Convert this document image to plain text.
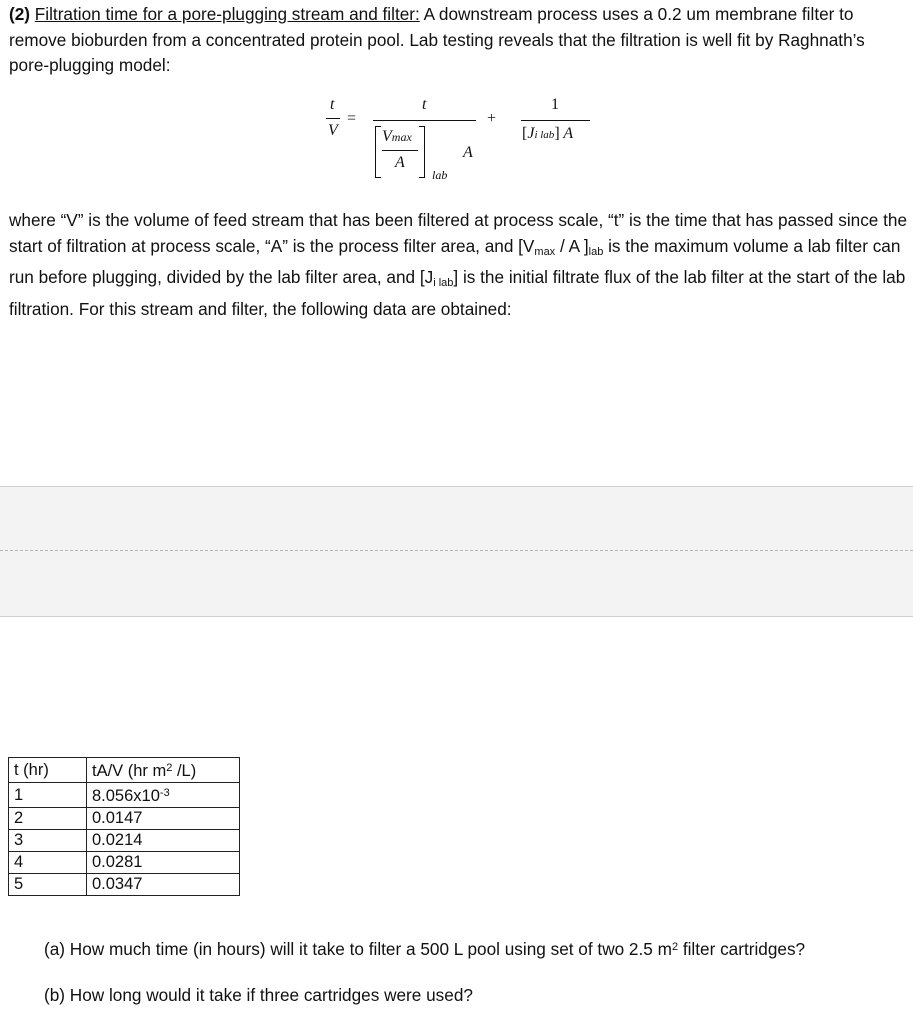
(2) Filtration time for a pore-plugging stream and filter: A downstream process uses a 0.2 um membrane filter to remove bioburden from a concentrated protein pool. Lab testing reveals that the filtration is well fit by Raghnath’s pore-plugging model:
t
V
=
t
Vmax
A
lab
A
+
1
[Ji lab] A
where “V” is the volume of feed stream that has been filtered at process scale, “t” is the time that has passed since the start of filtration at process scale, “A” is the process filter area, and [$V_{max}$ / A ]$_{lab}$ is the maximum volume a lab filter can run before plugging, divided by the lab filter area, and $[J_{i lab}]$ is the initial filtrate flux of the lab filter at the start of the lab filtration. For this stream and filter, the following data are obtained:
t (hr)	tA/V (hr $m^2$ /L)
1	$8.056x10^{-3}$
2	0.0147
3	0.0214
4	0.0281
5	0.0347
(a) How much time (in hours) will it take to filter a 500 L pool using set of two 2.5 $m^2$ filter cartridges?
(b) How long would it take if three cartridges were used?
